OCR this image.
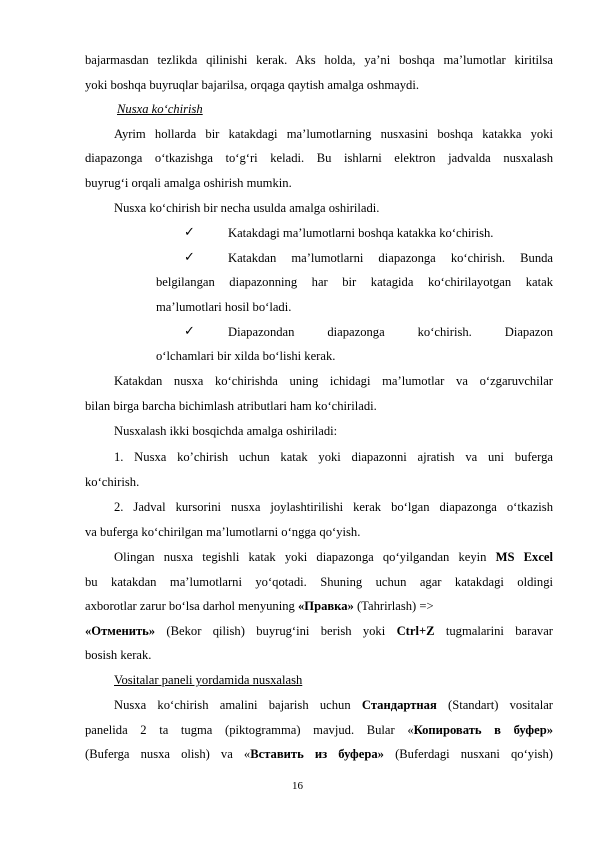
bajarmasdan tezlikda qilinishi kerak. Aks holda, ya’ni boshqa ma’lumotlar kiritilsa
yoki boshqa buyruqlar bajarilsa, orqaga qaytish amalga oshmaydi.
Nusxa ko‘chirish
Ayrim hollarda bir katakdagi ma’lumotlarning nusxasini boshqa katakka yoki
diapazonga o‘tkazishga to‘g‘ri keladi. Bu ishlarni elektron jadvalda nusxalash
buyrug‘i orqali amalga oshirish mumkin.
Nusxa ko‘chirish bir necha usulda amalga oshiriladi.
✓	Katakdagi ma’lumotlarni boshqa katakka ko‘chirish.
✓	Katakdan ma’lumotlarni diapazonga ko‘chirish. Bunda
belgilangan diapazonning har bir katagida ko‘chirilayotgan katak
ma’lumotlari hosil bo‘ladi.
✓	Diapazondan diapazonga ko‘chirish. Diapazon
o‘lchamlari bir xilda bo‘lishi kerak.
Katakdan nusxa ko‘chirishda uning ichidagi ma’lumotlar va o‘zgaruvchilar
bilan birga barcha bichimlash atributlari ham ko‘chiriladi.
Nusxalash ikki bosqichda amalga oshiriladi:
1. Nusxa ko’chirish uchun katak yoki diapazonni ajratish va uni buferga
ko‘chirish.
2. Jadval kursorini nusxa joylashtirilishi kerak bo‘lgan diapazonga o‘tkazish
va buferga ko‘chirilgan ma’lumotlarni o‘ngga qo‘yish.
Olingan nusxa tegishli katak yoki diapazonga qo‘yilgandan keyin MS Excel
bu katakdan ma’lumotlarni yo‘qotadi. Shuning uchun agar katakdagi oldingi
axborotlar zarur bo‘lsa darhol menyuning «Правка» (Tahrirlash) =>
«Отменить» (Bekor qilish) buyrug‘ini berish yoki Ctrl+Z tugmalarini baravar
bosish kerak.
Vositalar paneli yordamida nusxalash
Nusxa ko‘chirish amalini bajarish uchun Стандартная (Standart) vositalar
panelida 2 ta tugma (piktogramma) mavjud. Bular «Копировать в буфер»
(Buferga nusxa olish) va «Вставить из буфера» (Buferdagi nusxani qo‘yish)
16
